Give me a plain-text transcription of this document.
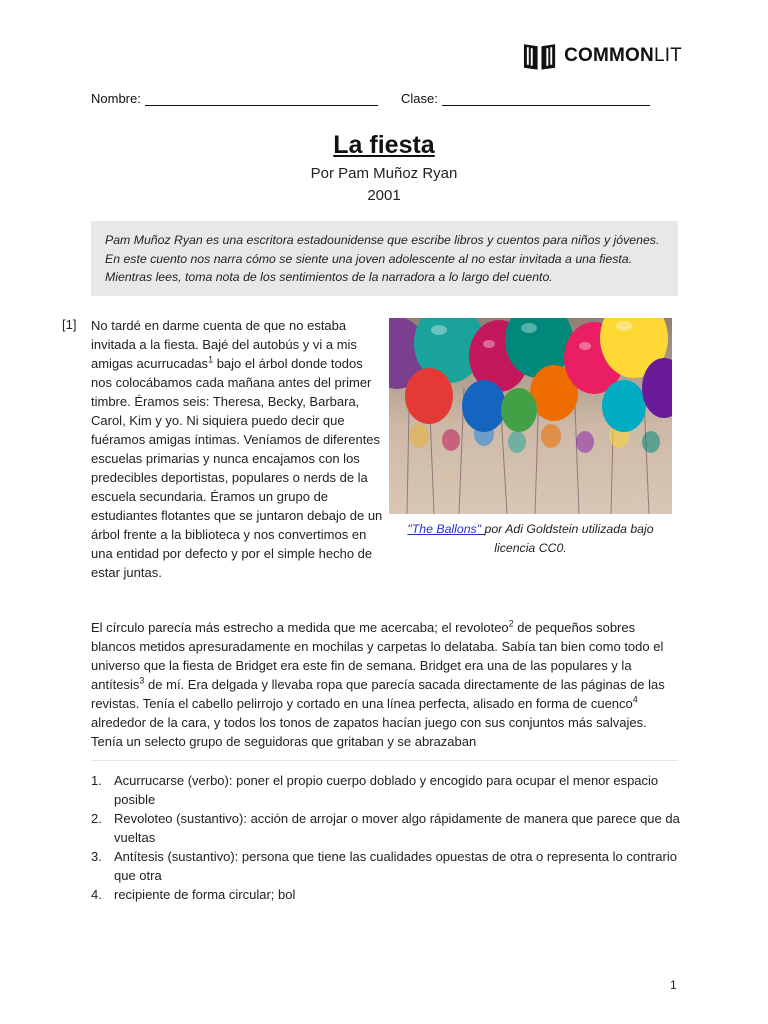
COMMONLIT
Nombre:	Clase:
La fiesta
Por Pam Muñoz Ryan
2001
Pam Muñoz Ryan es una escritora estadounidense que escribe libros y cuentos para niños y jóvenes. En este cuento nos narra cómo se siente una joven adolescente al no estar invitada a una fiesta. Mientras lees, toma nota de los sentimientos de la narradora a lo largo del cuento.
[1] No tardé en darme cuenta de que no estaba invitada a la fiesta. Bajé del autobús y vi a mis amigas acurrucadas$^1$ bajo el árbol donde todos nos colocábamos cada mañana antes del primer timbre. Éramos seis: Theresa, Becky, Barbara, Carol, Kim y yo. Ni siquiera puedo decir que fuéramos amigas íntimas. Veníamos de diferentes escuelas primarias y nunca encajamos con los predecibles deportistas, populares o nerds de la escuela secundaria. Éramos un grupo de estudiantes flotantes que se juntaron debajo de un árbol frente a la biblioteca y nos convertimos en una entidad por defecto y por el simple hecho de estar juntas.
"The Ballons" por Adi Goldstein utilizada bajo licencia CC0.
El círculo parecía más estrecho a medida que me acercaba; el revoloteo$^2$ de pequeños sobres blancos metidos apresuradamente en mochilas y carpetas lo delataba. Sabía tan bien como todo el universo que la fiesta de Bridget era este fin de semana. Bridget era una de las populares y la antítesis$^3$ de mí. Era delgada y llevaba ropa que parecía sacada directamente de las páginas de las revistas. Tenía el cabello pelirrojo y cortado en una línea perfecta, alisado en forma de cuenco$^4$ alrededor de la cara, y todos los tonos de zapatos hacían juego con sus conjuntos más salvajes. Tenía un selecto grupo de seguidoras que gritaban y se abrazaban
1. Acurrucarse (verbo): poner el propio cuerpo doblado y encogido para ocupar el menor espacio posible
2. Revoloteo (sustantivo): acción de arrojar o mover algo rápidamente de manera que parece que da vueltas
3. Antítesis (sustantivo): persona que tiene las cualidades opuestas de otra o representa lo contrario que otra
4. recipiente de forma circular; bol
1
